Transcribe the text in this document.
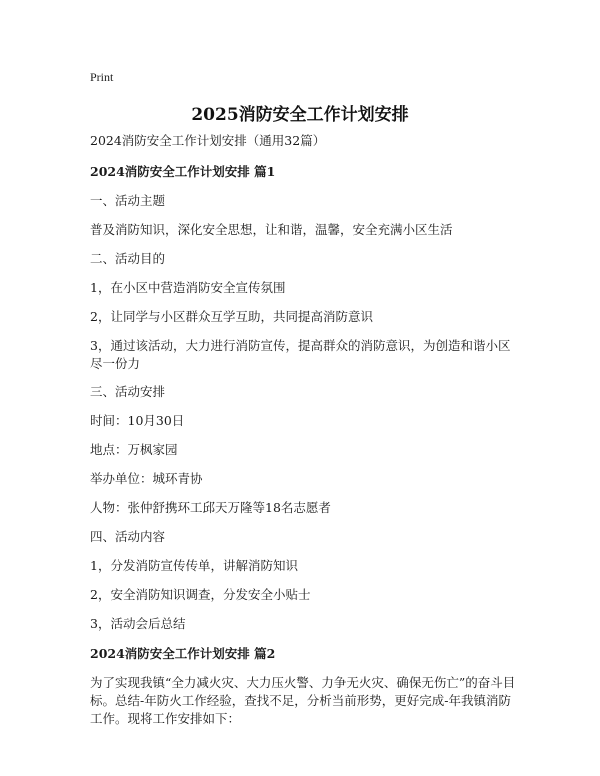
Print
2025消防安全工作计划安排
2024消防安全工作计划安排（通用32篇）
2024消防安全工作计划安排 篇1
一、活动主题
普及消防知识，深化安全思想，让和谐，温馨，安全充满小区生活
二、活动目的
1，在小区中营造消防安全宣传氛围
2，让同学与小区群众互学互助，共同提高消防意识
3，通过该活动，大力进行消防宣传，提高群众的消防意识，为创造和谐小区尽一份力
三、活动安排
时间：10月30日
地点：万枫家园
举办单位：城环青协
人物：张仲舒携环工邱天万隆等18名志愿者
四、活动内容
1，分发消防宣传传单，讲解消防知识
2，安全消防知识调查，分发安全小贴士
3，活动会后总结
2024消防安全工作计划安排 篇2
为了实现我镇“全力减火灾、大力压火警、力争无火灾、确保无伤亡”的奋斗目标。总结-年防火工作经验，查找不足，分析当前形势，更好完成-年我镇消防工作。现将工作安排如下：
